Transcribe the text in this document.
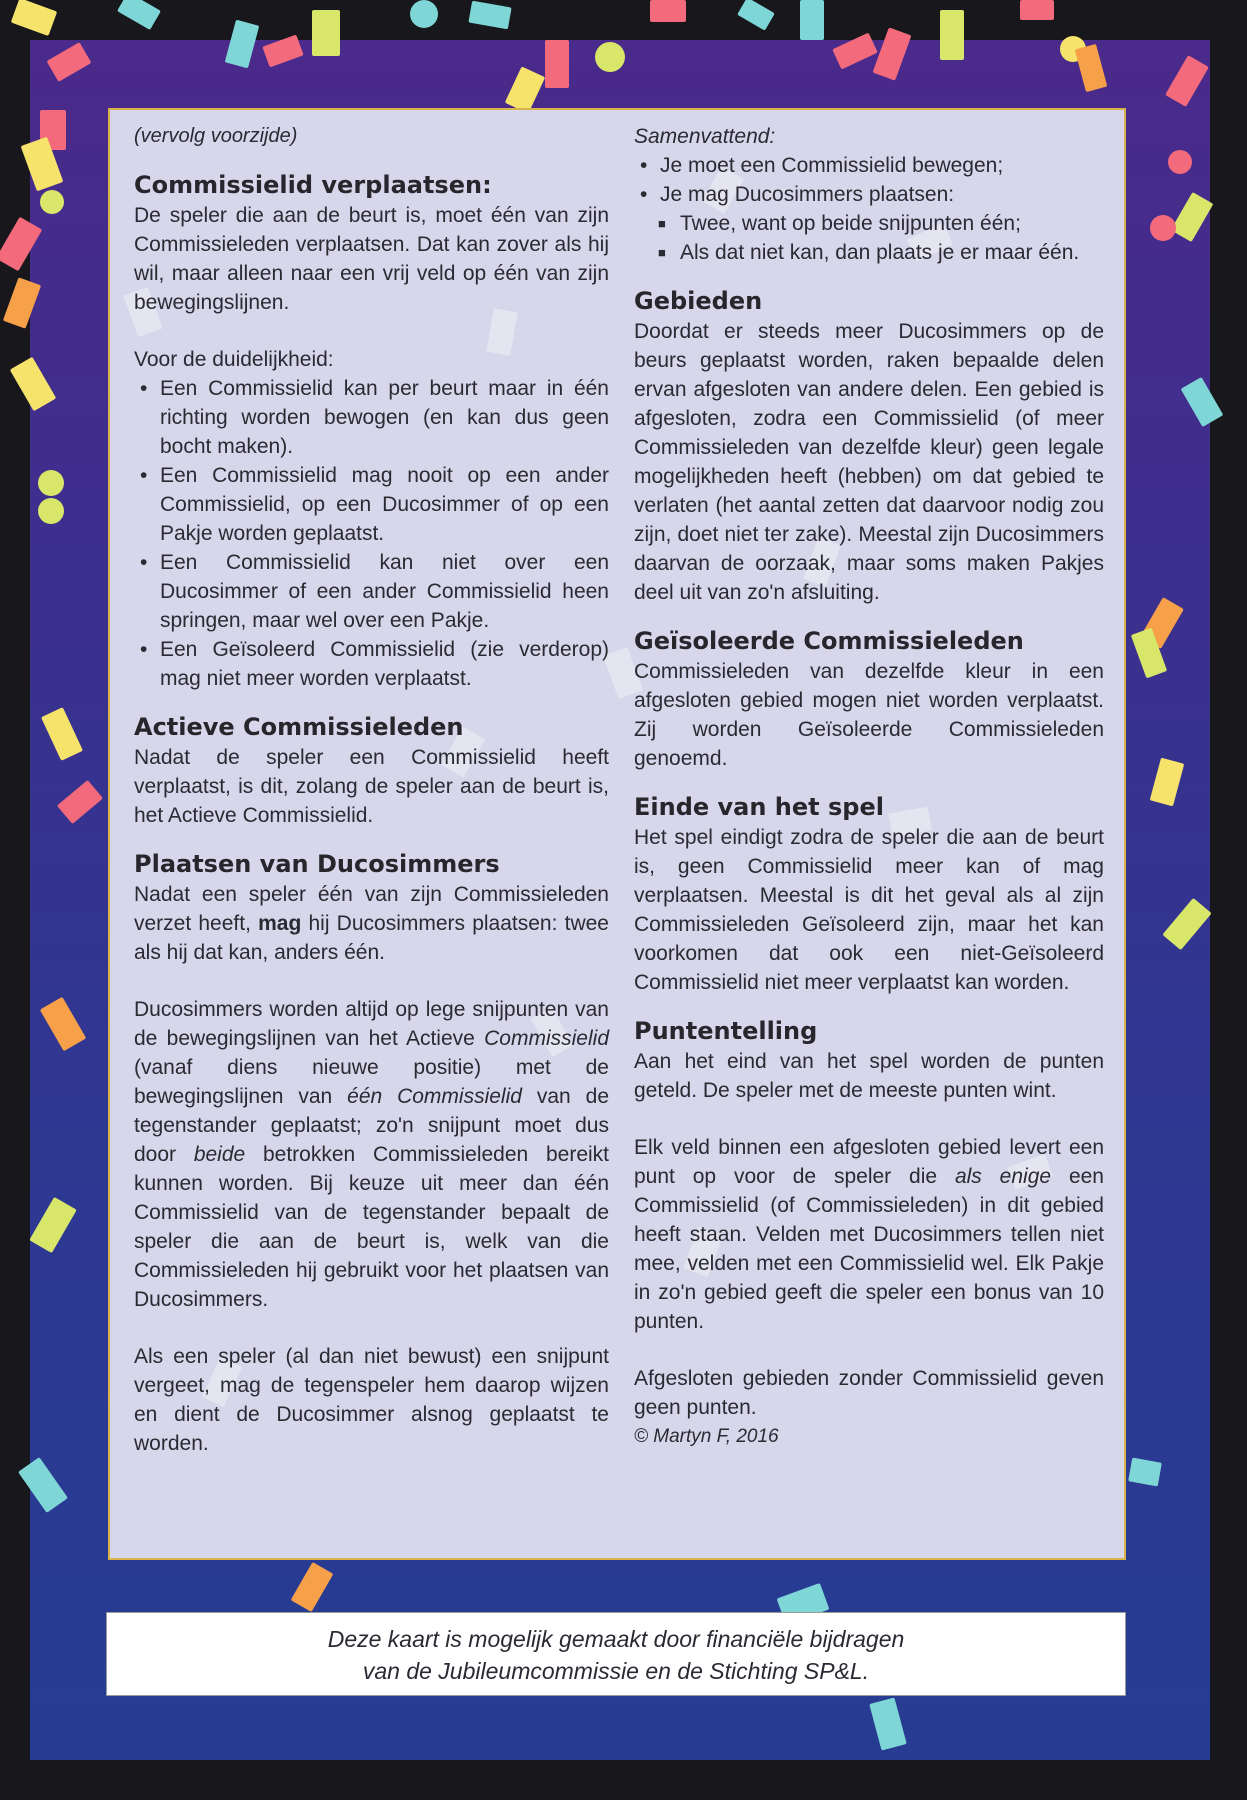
(vervolg voorzijde)

Commissielid verplaatsen:

De speler die aan de beurt is, moet één van zijn Commissieleden verplaatsen. Dat kan zover als hij wil, maar alleen naar een vrij veld op één van zijn bewegingslijnen.

Voor de duidelijkheid:

• Een Commissielid kan per beurt maar in één richting worden bewogen (en kan dus geen bocht maken).
• Een Commissielid mag nooit op een ander Commissielid, op een Ducosimmer of op een Pakje worden geplaatst.
• Een Commissielid kan niet over een Ducosimmer of een ander Commissielid heen springen, maar wel over een Pakje.
• Een Geïsoleerd Commissielid (zie verderop) mag niet meer worden verplaatst.
Actieve Commissieleden

Nadat de speler een Commissielid heeft verplaatst, is dit, zolang de speler aan de beurt is, het Actieve Commissielid.

Plaatsen van Ducosimmers

Nadat een speler één van zijn Commissieleden verzet heeft, mag hij Ducosimmers plaatsen: twee als hij dat kan, anders één.

Ducosimmers worden altijd op lege snijpunten van de bewegingslijnen van het Actieve Commissielid (vanaf diens nieuwe positie) met de bewegingslijnen van één Commissielid van de tegenstander geplaatst; zo'n snijpunt moet dus door beide betrokken Commissieleden bereikt kunnen worden. Bij keuze uit meer dan één Commissielid van de tegenstander bepaalt de speler die aan de beurt is, welk van die Commissieleden hij gebruikt voor het plaatsen van Ducosimmers.

Als een speler (al dan niet bewust) een snijpunt vergeet, mag de tegenspeler hem daarop wijzen en dient de Ducosimmer alsnog geplaatst te worden.

Samenvattend:

• Je moet een Commissielid bewegen;
• Je mag Ducosimmers plaatsen:
■ Twee, want op beide snijpunten één;
■ Als dat niet kan, dan plaats je er maar één.
Gebieden

Doordat er steeds meer Ducosimmers op de beurs geplaatst worden, raken bepaalde delen ervan afgesloten van andere delen. Een gebied is afgesloten, zodra een Commissielid (of meer Commissieleden van dezelfde kleur) geen legale mogelijkheden heeft (hebben) om dat gebied te verlaten (het aantal zetten dat daarvoor nodig zou zijn, doet niet ter zake). Meestal zijn Ducosimmers daarvan de oorzaak, maar soms maken Pakjes deel uit van zo'n afsluiting.

Geïsoleerde Commissieleden

Commissieleden van dezelfde kleur in een afgesloten gebied mogen niet worden verplaatst. Zij worden Geïsoleerde Commissieleden genoemd.

Einde van het spel

Het spel eindigt zodra de speler die aan de beurt is, geen Commissielid meer kan of mag verplaatsen. Meestal is dit het geval als al zijn Commissieleden Geïsoleerd zijn, maar het kan voorkomen dat ook een niet-Geïsoleerd Commissielid niet meer verplaatst kan worden.

Puntentelling

Aan het eind van het spel worden de punten geteld. De speler met de meeste punten wint.

Elk veld binnen een afgesloten gebied levert een punt op voor de speler die als enige een Commissielid (of Commissieleden) in dit gebied heeft staan. Velden met Ducosimmers tellen niet mee, velden met een Commissielid wel. Elk Pakje in zo'n gebied geeft die speler een bonus van 10 punten.

Afgesloten gebieden zonder Commissielid geven geen punten.

© Martyn F, 2016

Deze kaart is mogelijk gemaakt door financiële bijdragen
van de Jubileumcommissie en de Stichting SP&L.
